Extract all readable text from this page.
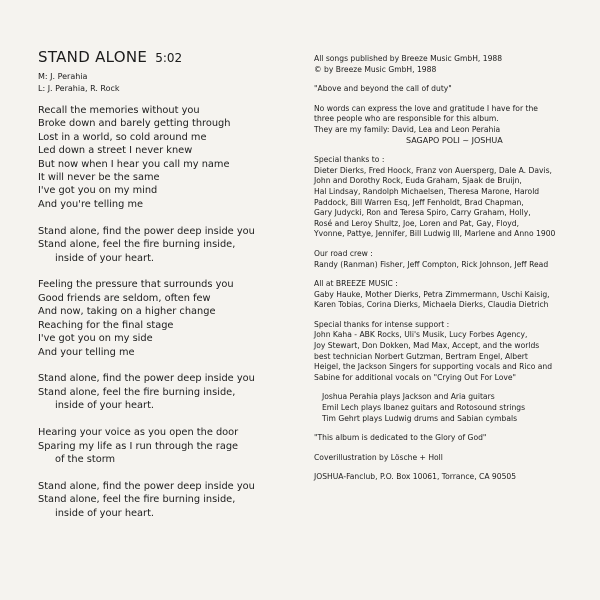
STAND ALONE 5:02
M: J. Perahia
L: J. Perahia, R. Rock
Recall the memories without you
Broke down and barely getting through
Lost in a world, so cold around me
Led down a street I never knew
But now when I hear you call my name
It will never be the same
I've got you on my mind
And you're telling me
Stand alone, find the power deep inside you
Stand alone, feel the fire burning inside,
inside of your heart.
Feeling the pressure that surrounds you
Good friends are seldom, often few
And now, taking on a higher change
Reaching for the final stage
I've got you on my side
And your telling me
Stand alone, find the power deep inside you
Stand alone, feel the fire burning inside,
inside of your heart.
Hearing your voice as you open the door
Sparing my life as I run through the rage
of the storm
Stand alone, find the power deep inside you
Stand alone, feel the fire burning inside,
inside of your heart.
All songs published by Breeze Music GmbH, 1988
© by Breeze Music GmbH, 1988
"Above and beyond the call of duty"
No words can express the love and gratitude I have for the
three people who are responsible for this album.
They are my family: David, Lea and Leon Perahia
SAGAPO POLI ~ JOSHUA
Special thanks to :
Dieter Dierks, Fred Hoock, Franz von Auersperg, Dale A. Davis,
John and Dorothy Rock, Euda Graham, Sjaak de Bruijn,
Hal Lindsay, Randolph Michaelsen, Theresa Marone, Harold
Paddock, Bill Warren Esq, Jeff Fenholdt, Brad Chapman,
Gary Judycki, Ron and Teresa Spiro, Carry Graham, Holly,
Rosé and Leroy Shultz, Joe, Loren and Pat, Gay, Floyd,
Yvonne, Pattye, Jennifer, Bill Ludwig III, Marlene and Anno 1900
Our road crew :
Randy (Ranman) Fisher, Jeff Compton, Rick Johnson, Jeff Read
All at BREEZE MUSIC :
Gaby Hauke, Mother Dierks, Petra Zimmermann, Uschi Kaisig,
Karen Tobias, Corina Dierks, Michaela Dierks, Claudia Dietrich
Special thanks for intense support :
John Kaha - ABK Rocks, Uli's Musik, Lucy Forbes Agency,
Joy Stewart, Don Dokken, Mad Max, Accept, and the worlds
best technician Norbert Gutzman, Bertram Engel, Albert
Heigel, the Jackson Singers for supporting vocals and Rico and
Sabine for additional vocals on "Crying Out For Love"
Joshua Perahia plays Jackson and Aria guitars
Emil Lech plays Ibanez guitars and Rotosound strings
Tim Gehrt plays Ludwig drums and Sabian cymbals
"This album is dedicated to the Glory of God"
Coverillustration by Lösche + Holl
JOSHUA-Fanclub, P.O. Box 10061, Torrance, CA 90505
